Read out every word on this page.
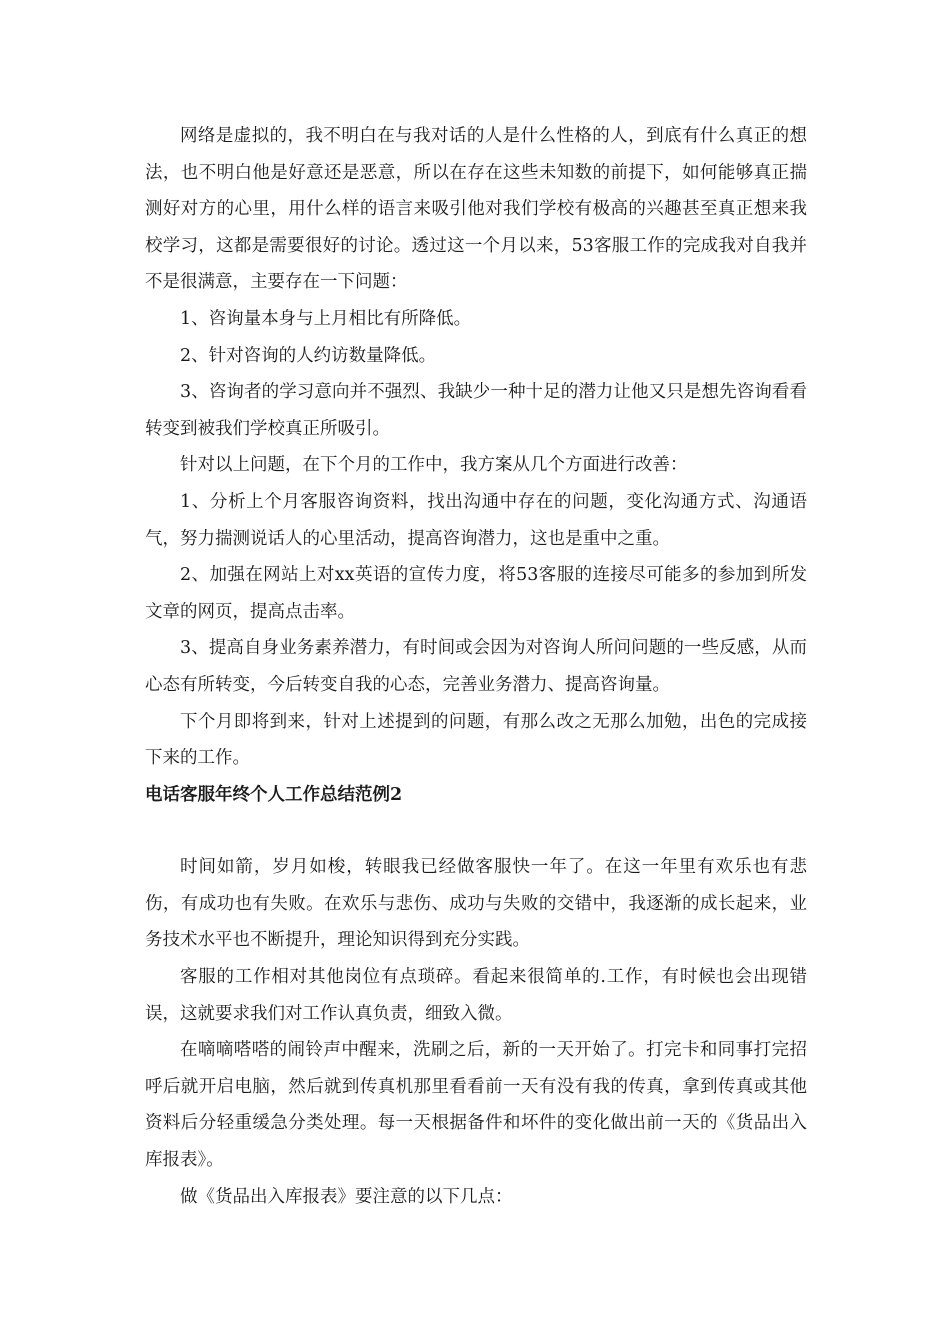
网络是虚拟的，我不明白在与我对话的人是什么性格的人，到底有什么真正的想法，也不明白他是好意还是恶意，所以在存在这些未知数的前提下，如何能够真正揣测好对方的心里，用什么样的语言来吸引他对我们学校有极高的兴趣甚至真正想来我校学习，这都是需要很好的讨论。透过这一个月以来，53客服工作的完成我对自我并不是很满意，主要存在一下问题：

1、咨询量本身与上月相比有所降低。

2、针对咨询的人约访数量降低。

3、咨询者的学习意向并不强烈、我缺少一种十足的潜力让他又只是想先咨询看看转变到被我们学校真正所吸引。

针对以上问题，在下个月的工作中，我方案从几个方面进行改善：

1、分析上个月客服咨询资料，找出沟通中存在的问题，变化沟通方式、沟通语气，努力揣测说话人的心里活动，提高咨询潜力，这也是重中之重。

2、加强在网站上对xx英语的宣传力度，将53客服的连接尽可能多的参加到所发文章的网页，提高点击率。

3、提高自身业务素养潜力，有时间或会因为对咨询人所问问题的一些反感，从而心态有所转变，今后转变自我的心态，完善业务潜力、提高咨询量。

下个月即将到来，针对上述提到的问题，有那么改之无那么加勉，出色的完成接下来的工作。

电话客服年终个人工作总结范例2

时间如箭，岁月如梭，转眼我已经做客服快一年了。在这一年里有欢乐也有悲伤，有成功也有失败。在欢乐与悲伤、成功与失败的交错中，我逐渐的成长起来，业务技术水平也不断提升，理论知识得到充分实践。

客服的工作相对其他岗位有点琐碎。看起来很简单的.工作，有时候也会出现错误，这就要求我们对工作认真负责，细致入微。

在嘀嘀嗒嗒的闹铃声中醒来，洗刷之后，新的一天开始了。打完卡和同事打完招呼后就开启电脑，然后就到传真机那里看看前一天有没有我的传真，拿到传真或其他资料后分轻重缓急分类处理。每一天根据备件和坏件的变化做出前一天的《货品出入库报表》。

做《货品出入库报表》要注意的以下几点：
